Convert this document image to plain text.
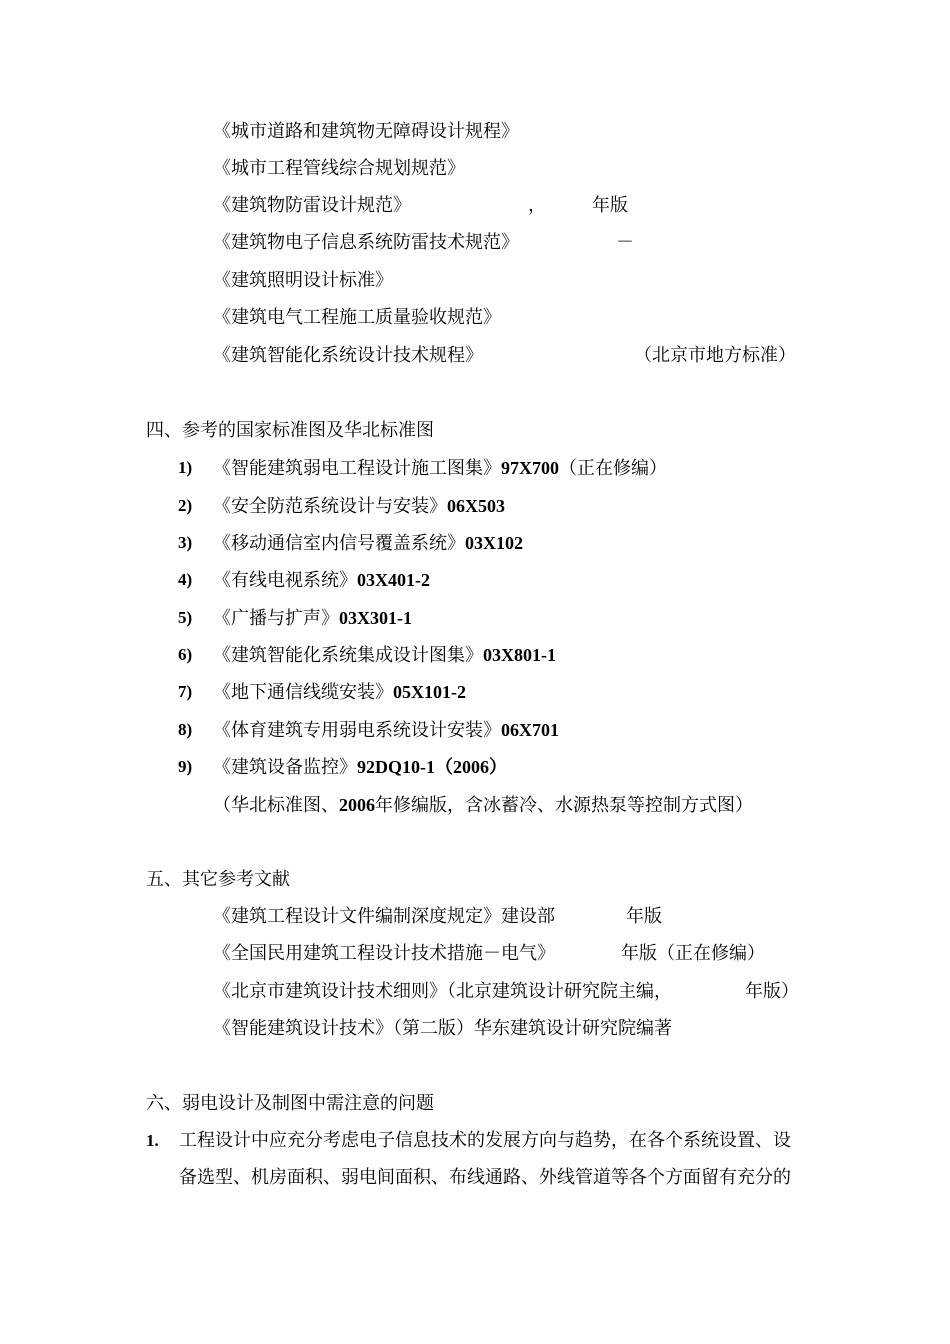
《城市道路和建筑物无障碍设计规程》
《城市工程管线综合规划规范》
《建筑物防雷设计规范》	，	年版
《建筑物电子信息系统防雷技术规范》	－
《建筑照明设计标准》
《建筑电气工程施工质量验收规范》
《建筑智能化系统设计技术规程》	（北京市地方标准）
四、参考的国家标准图及华北标准图
1) 《智能建筑弱电工程设计施工图集》97X700（正在修编）
2) 《安全防范系统设计与安装》06X503
3) 《移动通信室内信号覆盖系统》03X102
4) 《有线电视系统》03X401-2
5) 《广播与扩声》03X301-1
6) 《建筑智能化系统集成设计图集》03X801-1
7) 《地下通信线缆安装》05X101-2
8) 《体育建筑专用弱电系统设计安装》06X701
9) 《建筑设备监控》92DQ10-1（2006）
（华北标准图、2006年修编版，含冰蓄冷、水源热泵等控制方式图）
五、其它参考文献
《建筑工程设计文件编制深度规定》建设部	年版
《全国民用建筑工程设计技术措施－电气》	年版（正在修编）
《北京市建筑设计技术细则》（北京建筑设计研究院主编，	年版）
《智能建筑设计技术》（第二版）华东建筑设计研究院编著
六、弱电设计及制图中需注意的问题
1. 工程设计中应充分考虑电子信息技术的发展方向与趋势，在各个系统设置、设
备选型、机房面积、弱电间面积、布线通路、外线管道等各个方面留有充分的
